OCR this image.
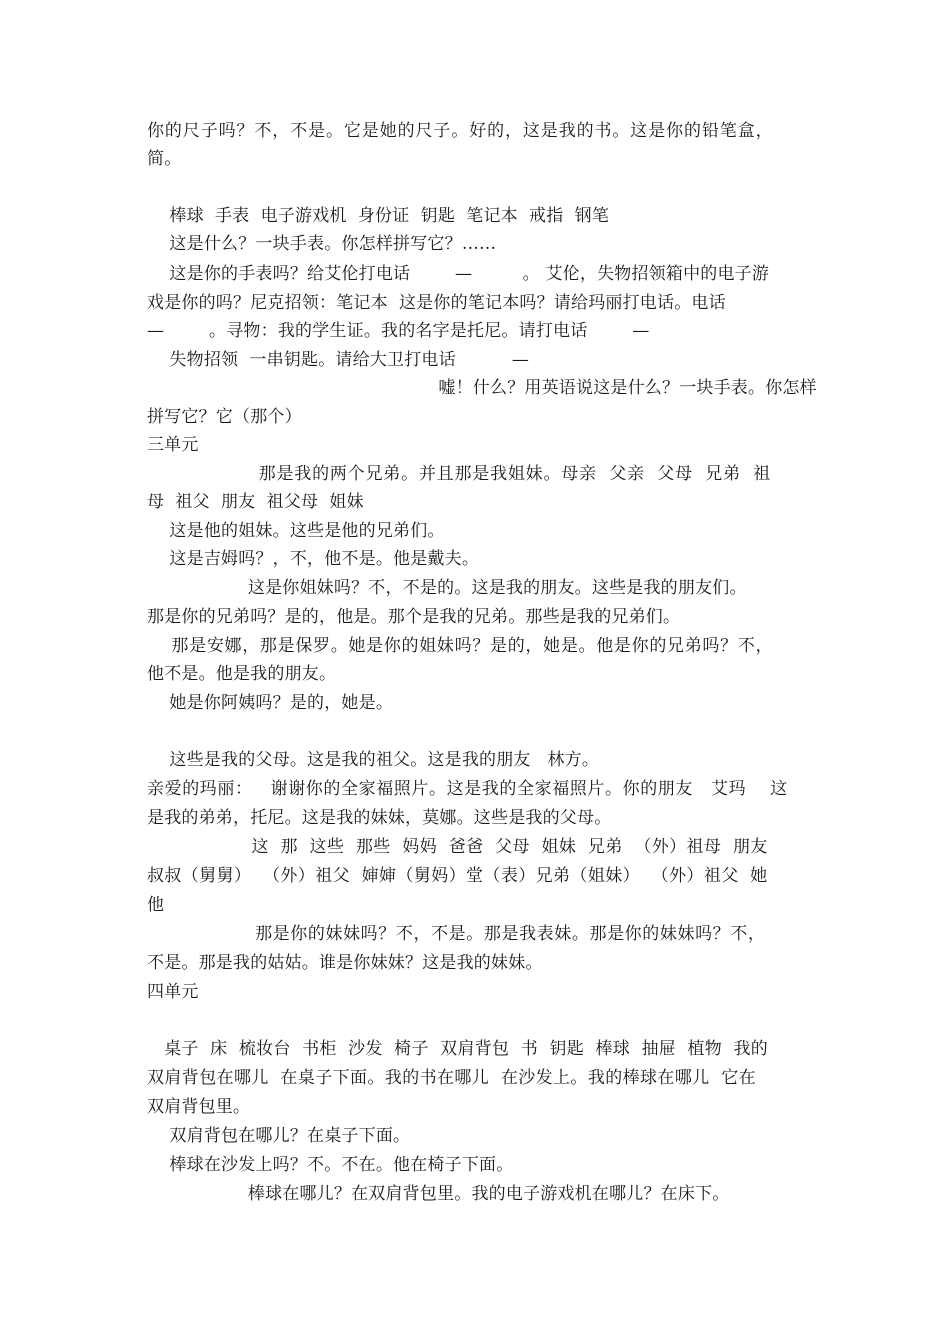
你的尺子吗？不，不是。它是她的尺子。好的，这是我的书。这是你的铅笔盒，
简。
棒球  手表  电子游戏机  身份证  钥匙  笔记本  戒指  钢笔
这是什么？一块手表。你怎样拼写它？……
这是你的手表吗？给艾伦打电话        —         。 艾伦，失物招领箱中的电子游
戏是你的吗？尼克招领：笔记本  这是你的笔记本吗？请给玛丽打电话。电话
—        。寻物：我的学生证。我的名字是托尼。请打电话        —
失物招领  一串钥匙。请给大卫打电话          —
嘘！什么？用英语说这是什么？一块手表。你怎样
拼写它？它（那个）
三单元
那是我的两个兄弟。并且那是我姐妹。母亲  父亲  父母  兄弟  祖
母  祖父  朋友  祖父母  姐妹
这是他的姐妹。这些是他的兄弟们。
这是吉姆吗？，不，他不是。他是戴夫。
这是你姐妹吗？不，不是的。这是我的朋友。这些是我的朋友们。
那是你的兄弟吗？是的，他是。那个是我的兄弟。那些是我的兄弟们。
那是安娜，那是保罗。她是你的姐妹吗？是的，她是。他是你的兄弟吗？不，
他不是。他是我的朋友。
她是你阿姨吗？是的，她是。
这些是我的父母。这是我的祖父。这是我的朋友   林方。
亲爱的玛丽：   谢谢你的全家福照片。这是我的全家福照片。你的朋友   艾玛    这
是我的弟弟，托尼。这是我的妹妹，莫娜。这些是我的父母。
这  那  这些  那些  妈妈  爸爸  父母  姐妹  兄弟  （外）祖母  朋友
叔叔（舅舅）  （外）祖父  婶婶（舅妈）堂（表）兄弟（姐妹）  （外）祖父  她
他
那是你的妹妹吗？不，不是。那是我表妹。那是你的妹妹吗？不，
不是。那是我的姑姑。谁是你妹妹？这是我的妹妹。
四单元
桌子  床  梳妆台  书柜  沙发  椅子  双肩背包  书  钥匙  棒球  抽屉  植物  我的
双肩背包在哪儿  在桌子下面。我的书在哪儿  在沙发上。我的棒球在哪儿  它在
双肩背包里。
双肩背包在哪儿？在桌子下面。
棒球在沙发上吗？不。不在。他在椅子下面。
棒球在哪儿？在双肩背包里。我的电子游戏机在哪儿？在床下。
